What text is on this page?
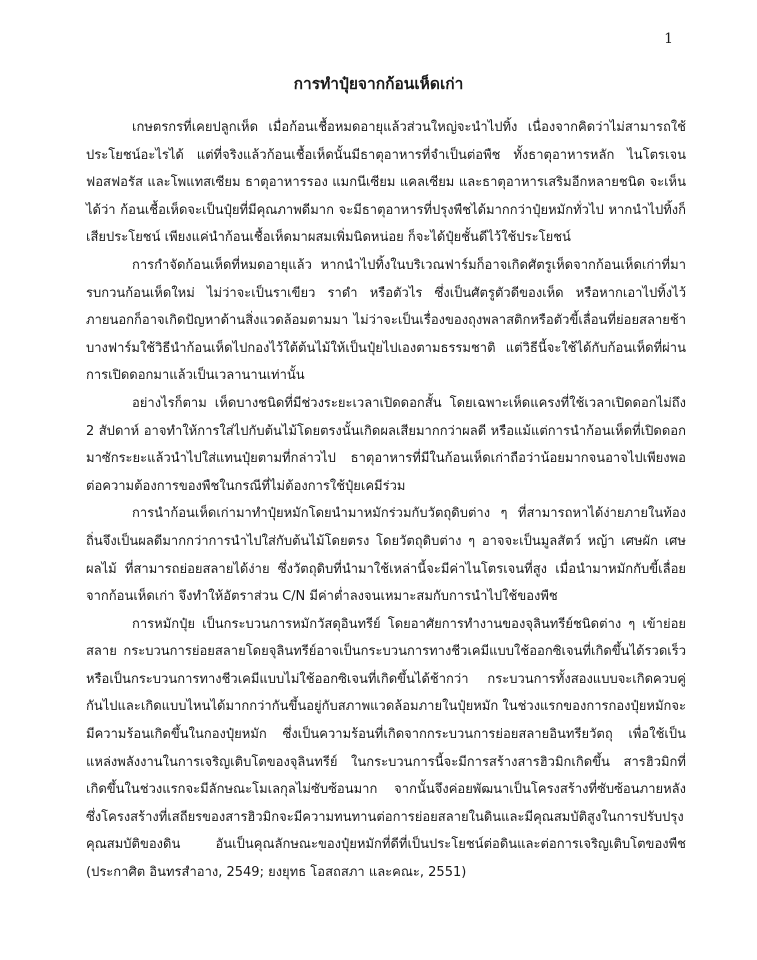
1
การทำปุ๋ยจากก้อนเห็ดเก่า

เกษตรกรที่เคยปลูกเห็ด เมื่อก้อนเชื้อหมดอายุแล้วส่วนใหญ่จะนำไปทิ้ง เนื่องจากคิดว่าไม่สามารถใช้ประโยชน์อะไรได้ แต่ที่จริงแล้วก้อนเชื้อเห็ดนั้นมีธาตุอาหารที่จำเป็นต่อพืช ทั้งธาตุอาหารหลัก ไนโตรเจน ฟอสฟอรัส และโพแทสเซียม ธาตุอาหารรอง แมกนีเซียม แคลเซียม และธาตุอาหารเสริมอีกหลายชนิด จะเห็นได้ว่า ก้อนเชื้อเห็ดจะเป็นปุ๋ยที่มีคุณภาพดีมาก จะมีธาตุอาหารที่ปรุงพืชได้มากกว่าปุ๋ยหมักทั่วไป หากนำไปทิ้งก็เสียประโยชน์ เพียงแค่นำก้อนเชื้อเห็ดมาผสมเพิ่มนิดหน่อย ก็จะได้ปุ๋ยชั้นดีไว้ใช้ประโยชน์

การกำจัดก้อนเห็ดที่หมดอายุแล้ว หากนำไปทิ้งในบริเวณฟาร์มก็อาจเกิดศัตรูเห็ดจากก้อนเห็ดเก่าที่มารบกวนก้อนเห็ดใหม่ ไม่ว่าจะเป็นราเขียว ราดำ หรือตัวไร ซึ่งเป็นศัตรูตัวดีของเห็ด หรือหากเอาไปทิ้งไว้ภายนอกก็อาจเกิดปัญหาด้านสิ่งแวดล้อมตามมา ไม่ว่าจะเป็นเรื่องของถุงพลาสติกหรือตัวขี้เลื่อนที่ย่อยสลายช้า บางฟาร์มใช้วิธีนำก้อนเห็ดไปกองไว้ใต้ต้นไม้ให้เป็นปุ๋ยไปเองตามธรรมชาติ แต่วิธีนี้จะใช้ได้กับก้อนเห็ดที่ผ่านการเปิดดอกมาแล้วเป็นเวลานานเท่านั้น

อย่างไรก็ตาม เห็ดบางชนิดที่มีช่วงระยะเวลาเปิดดอกสั้น โดยเฉพาะเห็ดแครงที่ใช้เวลาเปิดดอกไม่ถึง 2 สัปดาห์ อาจทำให้การใส่ไปกับต้นไม้โดยตรงนั้นเกิดผลเสียมากกว่าผลดี หรือแม้แต่การนำก้อนเห็ดที่เปิดดอกมาซักระยะแล้วนำไปใส่แทนปุ๋ยตามที่กล่าวไป ธาตุอาหารที่มีในก้อนเห็ดเก่าถือว่าน้อยมากจนอาจไปเพียงพอต่อความต้องการของพืชในกรณีที่ไม่ต้องการใช้ปุ๋ยเคมีร่วม

การนำก้อนเห็ดเก่ามาทำปุ๋ยหมักโดยนำมาหมักร่วมกับวัตถุดิบต่าง ๆ ที่สามารถหาได้ง่ายภายในท้องถิ่นจึงเป็นผลดีมากกว่าการนำไปใส่กับต้นไม้โดยตรง โดยวัตถุดิบต่าง ๆ อาจจะเป็นมูลสัตว์ หญ้า เศษผัก เศษผลไม้ ที่สามารถย่อยสลายได้ง่าย ซึ่งวัตถุดิบที่นำมาใช้เหล่านี้จะมีค่าไนโตรเจนที่สูง เมื่อนำมาหมักกับขี้เลื่อยจากก้อนเห็ดเก่า จึงทำให้อัตราส่วน C/N มีค่าต่ำลงจนเหมาะสมกับการนำไปใช้ของพืช

การหมักปุ๋ย เป็นกระบวนการหมักวัสดุอินทรีย์ โดยอาศัยการทำงานของจุลินทรีย์ชนิดต่าง ๆ เข้าย่อยสลาย กระบวนการย่อยสลายโดยจุลินทรีย์อาจเป็นกระบวนการทางชีวเคมีแบบใช้ออกซิเจนที่เกิดขึ้นได้รวดเร็ว หรือเป็นกระบวนการทางชีวเคมีแบบไม่ใช้ออกซิเจนที่เกิดขึ้นได้ช้ากว่า กระบวนการทั้งสองแบบจะเกิดควบคู่กันไปและเกิดแบบไหนได้มากกว่ากันขึ้นอยู่กับสภาพแวดล้อมภายในปุ๋ยหมัก ในช่วงแรกของการกองปุ๋ยหมักจะมีความร้อนเกิดขึ้นในกองปุ๋ยหมัก ซึ่งเป็นความร้อนที่เกิดจากกระบวนการย่อยสลายอินทรียวัตถุ เพื่อใช้เป็นแหล่งพลังงานในการเจริญเติบโตของจุลินทรีย์ ในกระบวนการนี้จะมีการสร้างสารฮิวมิกเกิดขึ้น สารฮิวมิกที่เกิดขึ้นในช่วงแรกจะมีลักษณะโมเลกุลไม่ซับซ้อนมาก จากนั้นจึงค่อยพัฒนาเป็นโครงสร้างที่ซับซ้อนภายหลัง ซึ่งโครงสร้างที่เสถียรของสารฮิวมิกจะมีความทนทานต่อการย่อยสลายในดินและมีคุณสมบัติสูงในการปรับปรุงคุณสมบัติของดิน อันเป็นคุณลักษณะของปุ๋ยหมักที่ดีที่เป็นประโยชน์ต่อดินและต่อการเจริญเติบโตของพืช (ประกาศิต อินทรสำอาง, 2549; ยงยุทธ โอสถสภา และคณะ, 2551)
